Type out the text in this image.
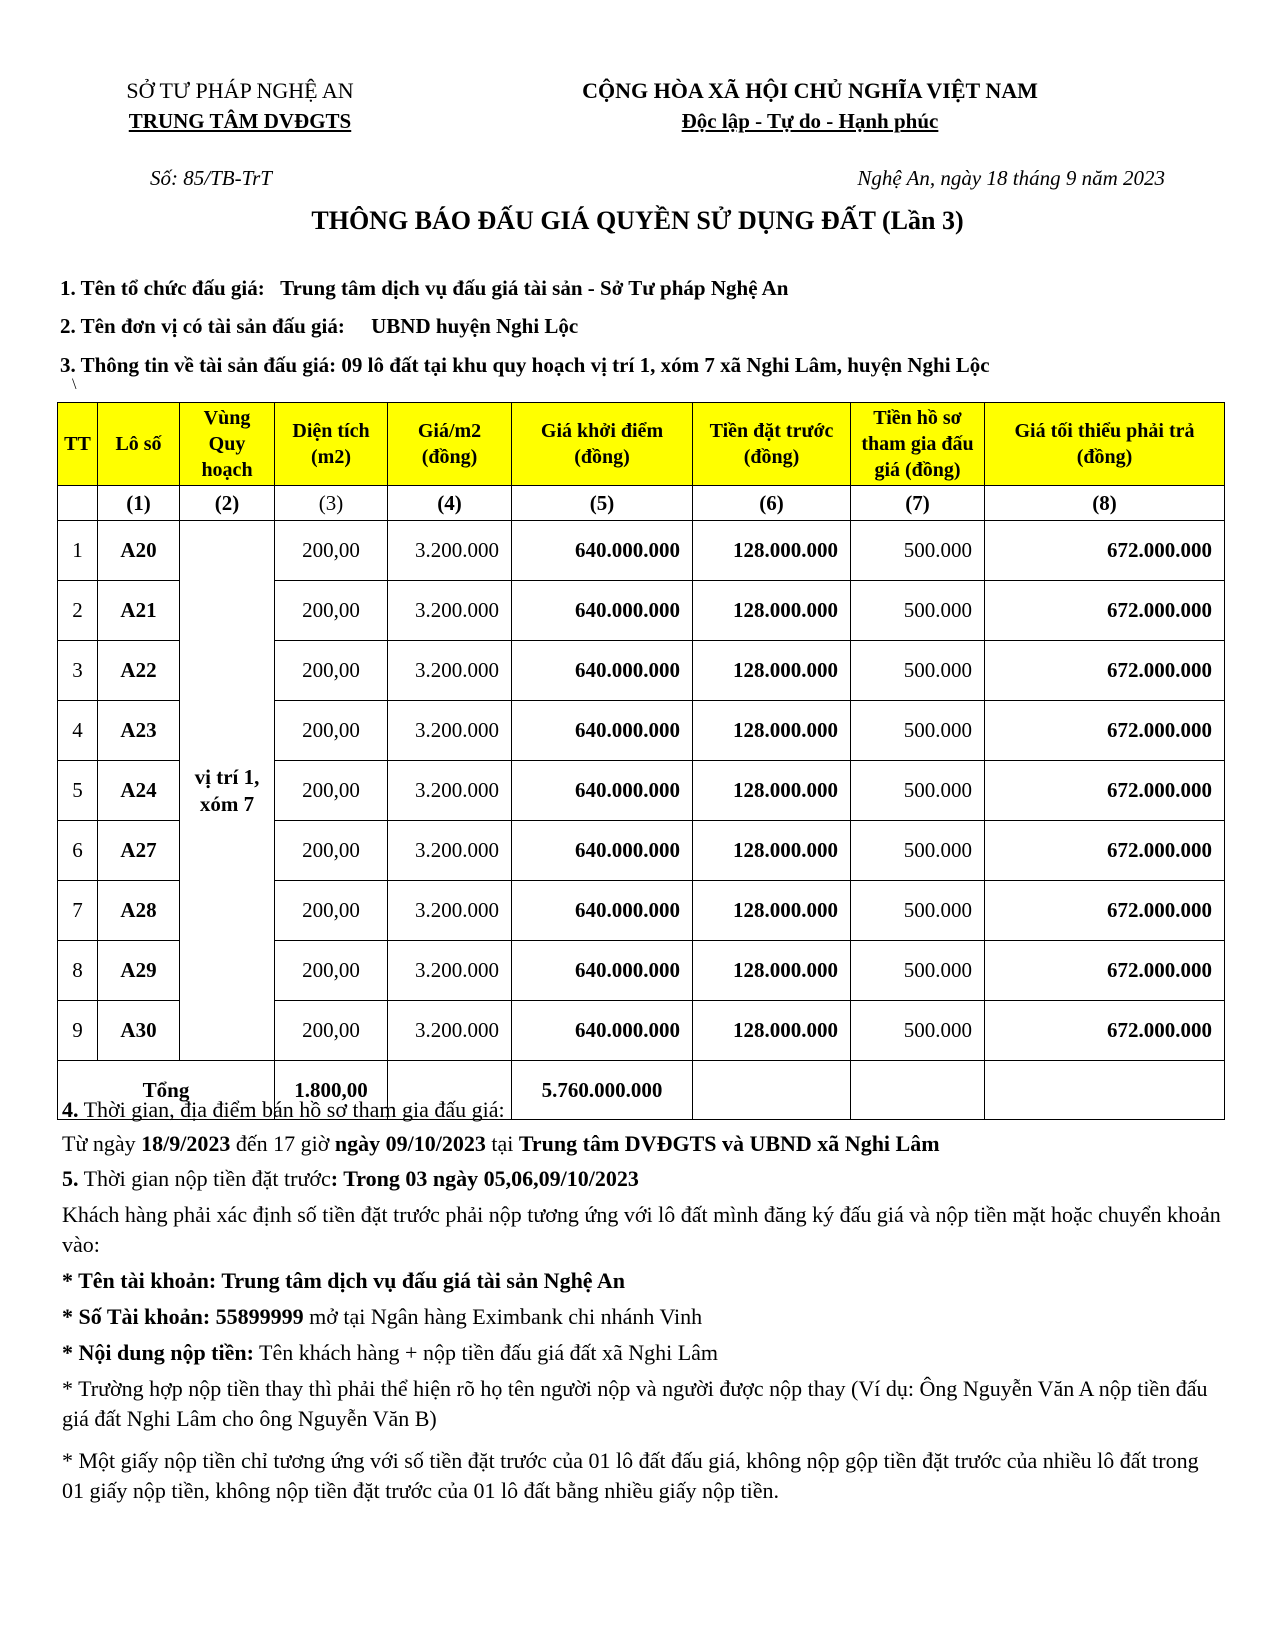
SỞ TƯ PHÁP NGHỆ AN
TRUNG TÂM DVĐGTS
CỘNG HÒA XÃ HỘI CHỦ NGHĨA VIỆT NAM
Độc lập - Tự do - Hạnh phúc
Số: 85/TB-TrT	Nghệ An, ngày 18 tháng 9 năm 2023
THÔNG BÁO ĐẤU GIÁ QUYỀN SỬ DỤNG ĐẤT (Lần 3)
1. Tên tổ chức đấu giá:   Trung tâm dịch vụ đấu giá tài sản - Sở Tư pháp Nghệ An
2. Tên đơn vị có tài sản đấu giá:     UBND huyện Nghi Lộc
3. Thông tin về tài sản đấu giá: 09 lô đất tại khu quy hoạch vị trí 1, xóm 7 xã Nghi Lâm, huyện Nghi Lộc
\
TT	Lô số	Vùng Quy hoạch	Diện tích (m2)	Giá/m2 (đồng)	Giá khởi điểm (đồng)	Tiền đặt trước (đồng)	Tiền hồ sơ tham gia đấu giá (đồng)	Giá tối thiểu phải trả (đồng)
	(1)	(2)	(3)	(4)	(5)	(6)	(7)	(8)
1	A20	vị trí 1, xóm 7	200,00	3.200.000	640.000.000	128.000.000	500.000	672.000.000
2	A21		200,00	3.200.000	640.000.000	128.000.000	500.000	672.000.000
3	A22		200,00	3.200.000	640.000.000	128.000.000	500.000	672.000.000
4	A23		200,00	3.200.000	640.000.000	128.000.000	500.000	672.000.000
5	A24		200,00	3.200.000	640.000.000	128.000.000	500.000	672.000.000
6	A27		200,00	3.200.000	640.000.000	128.000.000	500.000	672.000.000
7	A28		200,00	3.200.000	640.000.000	128.000.000	500.000	672.000.000
8	A29		200,00	3.200.000	640.000.000	128.000.000	500.000	672.000.000
9	A30		200,00	3.200.000	640.000.000	128.000.000	500.000	672.000.000
Tổng			1.800,00		5.760.000.000			
4. Thời gian, địa điểm bán hồ sơ tham gia đấu giá:
Từ ngày 18/9/2023 đến 17 giờ ngày 09/10/2023 tại Trung tâm DVĐGTS và UBND xã Nghi Lâm
5. Thời gian nộp tiền đặt trước: Trong 03 ngày 05,06,09/10/2023
Khách hàng phải xác định số tiền đặt trước phải nộp tương ứng với lô đất mình đăng ký đấu giá và nộp tiền mặt hoặc chuyển khoản vào:
* Tên tài khoản: Trung tâm dịch vụ đấu giá tài sản Nghệ An
* Số Tài khoản: 55899999 mở tại Ngân hàng Eximbank chi nhánh Vinh
* Nội dung nộp tiền: Tên khách hàng + nộp tiền đấu giá đất xã Nghi Lâm
* Trường hợp nộp tiền thay thì phải thể hiện rõ họ tên người nộp và người được nộp thay (Ví dụ: Ông Nguyễn Văn A nộp tiền đấu giá đất Nghi Lâm cho ông Nguyễn Văn B)
* Một giấy nộp tiền chỉ tương ứng với số tiền đặt trước của 01 lô đất đấu giá, không nộp gộp tiền đặt trước của nhiều lô đất trong 01 giấy nộp tiền, không nộp tiền đặt trước của 01 lô đất bằng nhiều giấy nộp tiền.
